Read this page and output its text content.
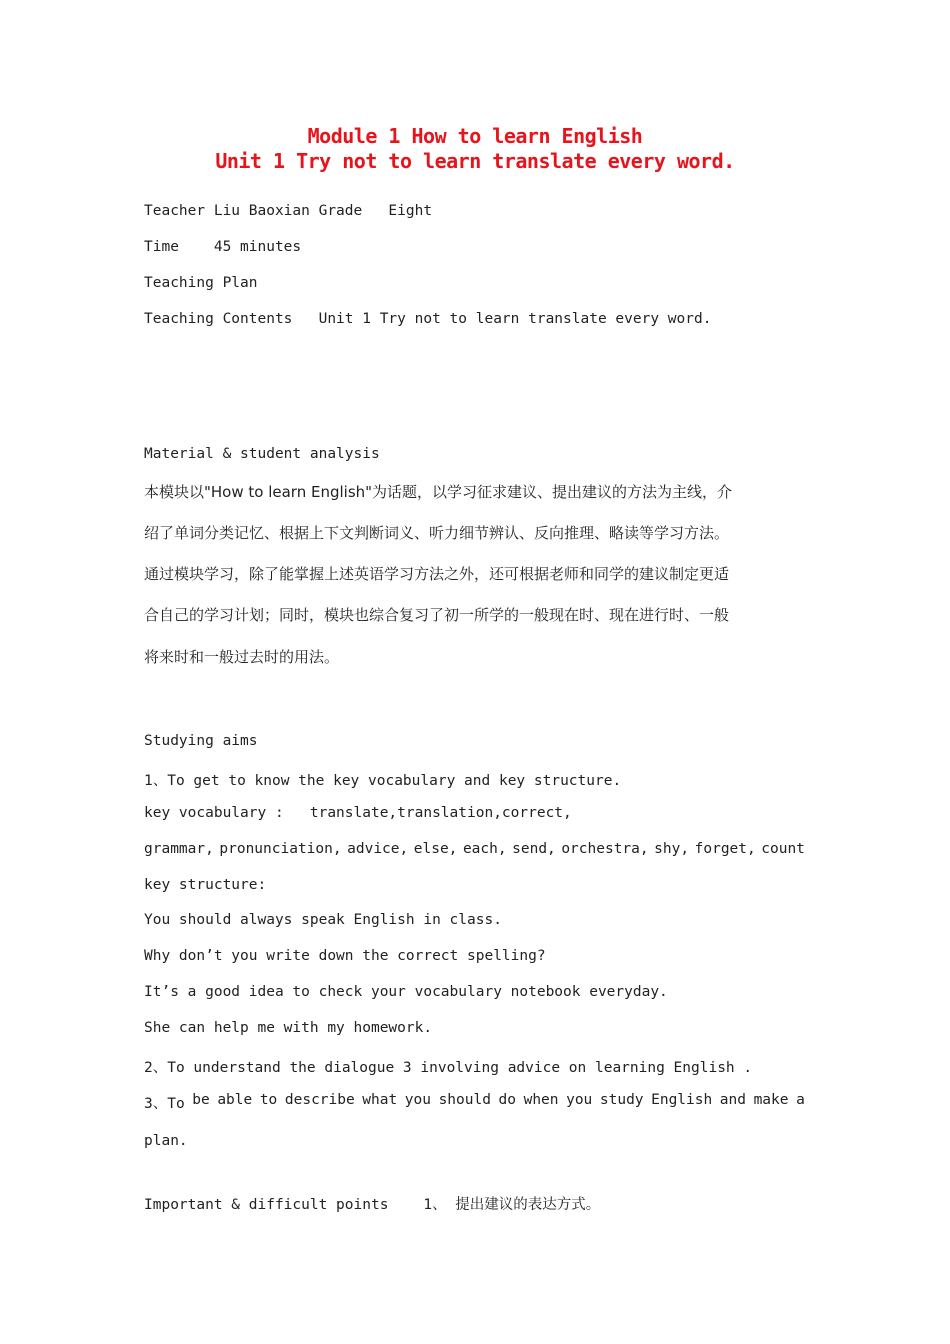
Module 1 How to learn English
Unit 1 Try not to learn translate every word.
Teacher Liu Baoxian Grade   Eight
Time    45 minutes
Teaching Plan
Teaching Contents   Unit 1 Try not to learn translate every word.
Material & student analysis
本模块以"How to learn English"为话题，以学习征求建议、提出建议的方法为主线，介
绍了单词分类记忆、根据上下文判断词义、听力细节辨认、反向推理、略读等学习方法。
通过模块学习，除了能掌握上述英语学习方法之外，还可根据老师和同学的建议制定更适
合自己的学习计划；同时，模块也综合复习了初一所学的一般现在时、现在进行时、一般
将来时和一般过去时的用法。
Studying aims
1、To get to know the key vocabulary and key structure.
key vocabulary :   translate,translation,correct,
grammar, pronunciation, advice, else, each, send, orchestra, shy, forget, count
key structure:
You should always speak English in class.
Why don’t you write down the correct spelling?
It’s a good idea to check your vocabulary notebook everyday.
She can help me with my homework.
2、To understand the dialogue 3 involving advice on learning English .
3、To be able to describe what you should do when you study English and make a
plan.
Important & difficult points    1、 提出建议的表达方式。
